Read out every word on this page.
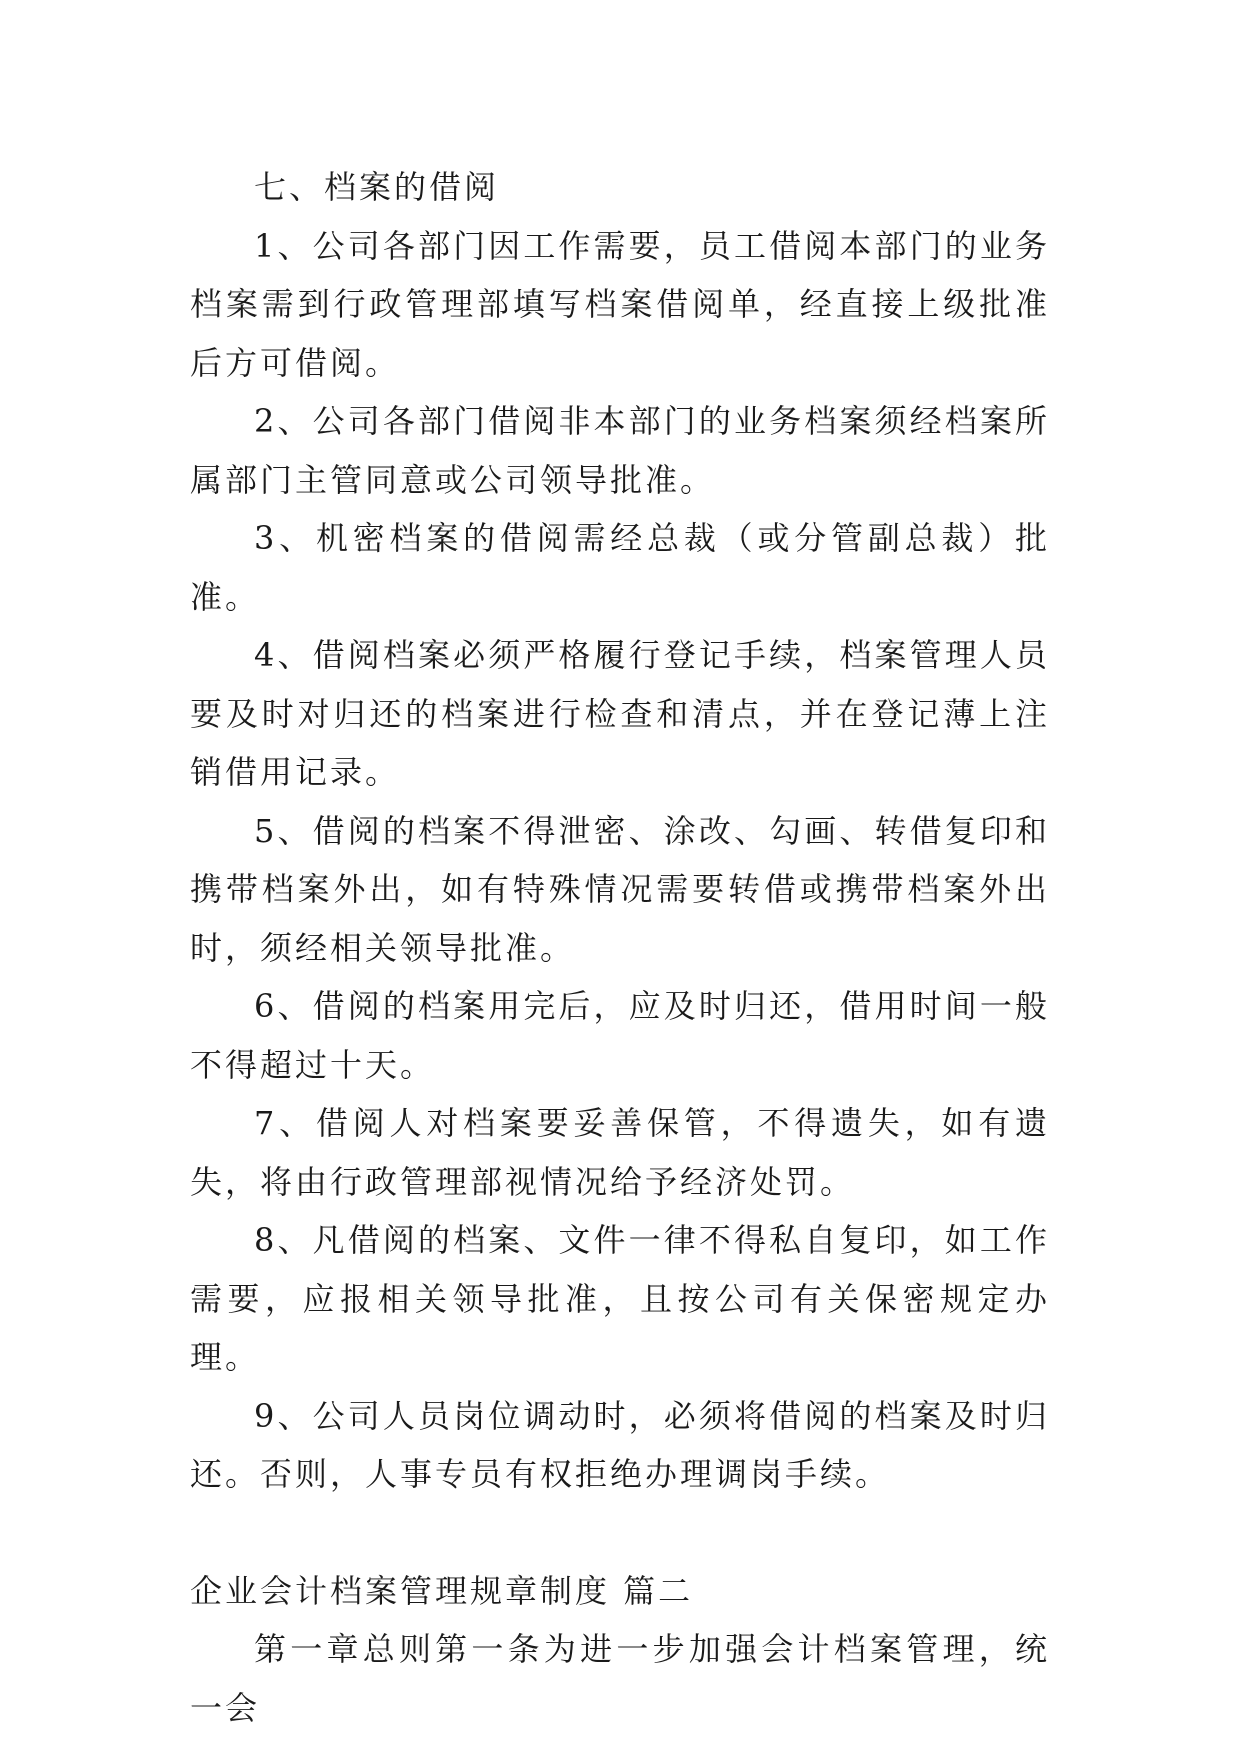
七、档案的借阅

1、公司各部门因工作需要，员工借阅本部门的业务档案需到行政管理部填写档案借阅单，经直接上级批准后方可借阅。

2、公司各部门借阅非本部门的业务档案须经档案所属部门主管同意或公司领导批准。

3、机密档案的借阅需经总裁（或分管副总裁）批准。

4、借阅档案必须严格履行登记手续，档案管理人员要及时对归还的档案进行检查和清点，并在登记薄上注销借用记录。

5、借阅的档案不得泄密、涂改、勾画、转借复印和携带档案外出，如有特殊情况需要转借或携带档案外出时，须经相关领导批准。

6、借阅的档案用完后，应及时归还，借用时间一般不得超过十天。

7、借阅人对档案要妥善保管，不得遗失，如有遗失，将由行政管理部视情况给予经济处罚。

8、凡借阅的档案、文件一律不得私自复印，如工作需要，应报相关领导批准，且按公司有关保密规定办理。

9、公司人员岗位调动时，必须将借阅的档案及时归还。否则，人事专员有权拒绝办理调岗手续。

企业会计档案管理规章制度 篇二

第一章总则第一条为进一步加强会计档案管理，统一会
